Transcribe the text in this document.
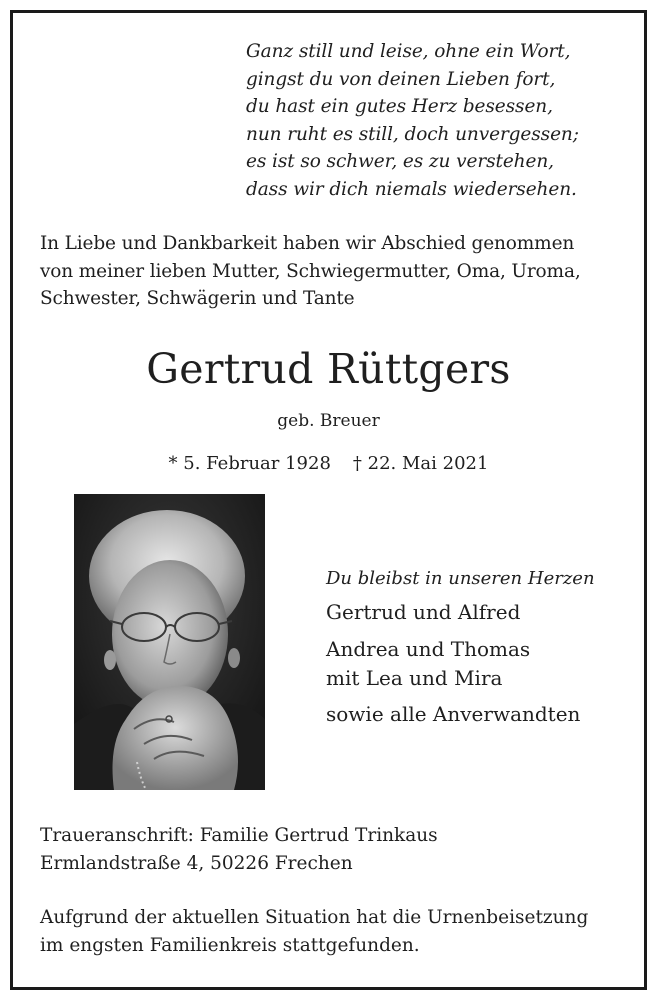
Ganz still und leise, ohne ein Wort,
gingst du von deinen Lieben fort,
du hast ein gutes Herz besessen,
nun ruht es still, doch unvergessen;
es ist so schwer, es zu verstehen,
dass wir dich niemals wiedersehen.
In Liebe und Dankbarkeit haben wir Abschied genommen
von meiner lieben Mutter, Schwiegermutter, Oma, Uroma,
Schwester, Schwägerin und Tante
Gertrud Rüttgers
geb. Breuer
* 5. Februar 1928 † 22. Mai 2021
Du bleibst in unseren Herzen
Gertrud und Alfred
Andrea und Thomas
mit Lea und Mira
sowie alle Anverwandten
Traueranschrift: Familie Gertrud Trinkaus
Ermlandstraße 4, 50226 Frechen
Aufgrund der aktuellen Situation hat die Urnenbeisetzung
im engsten Familienkreis stattgefunden.
